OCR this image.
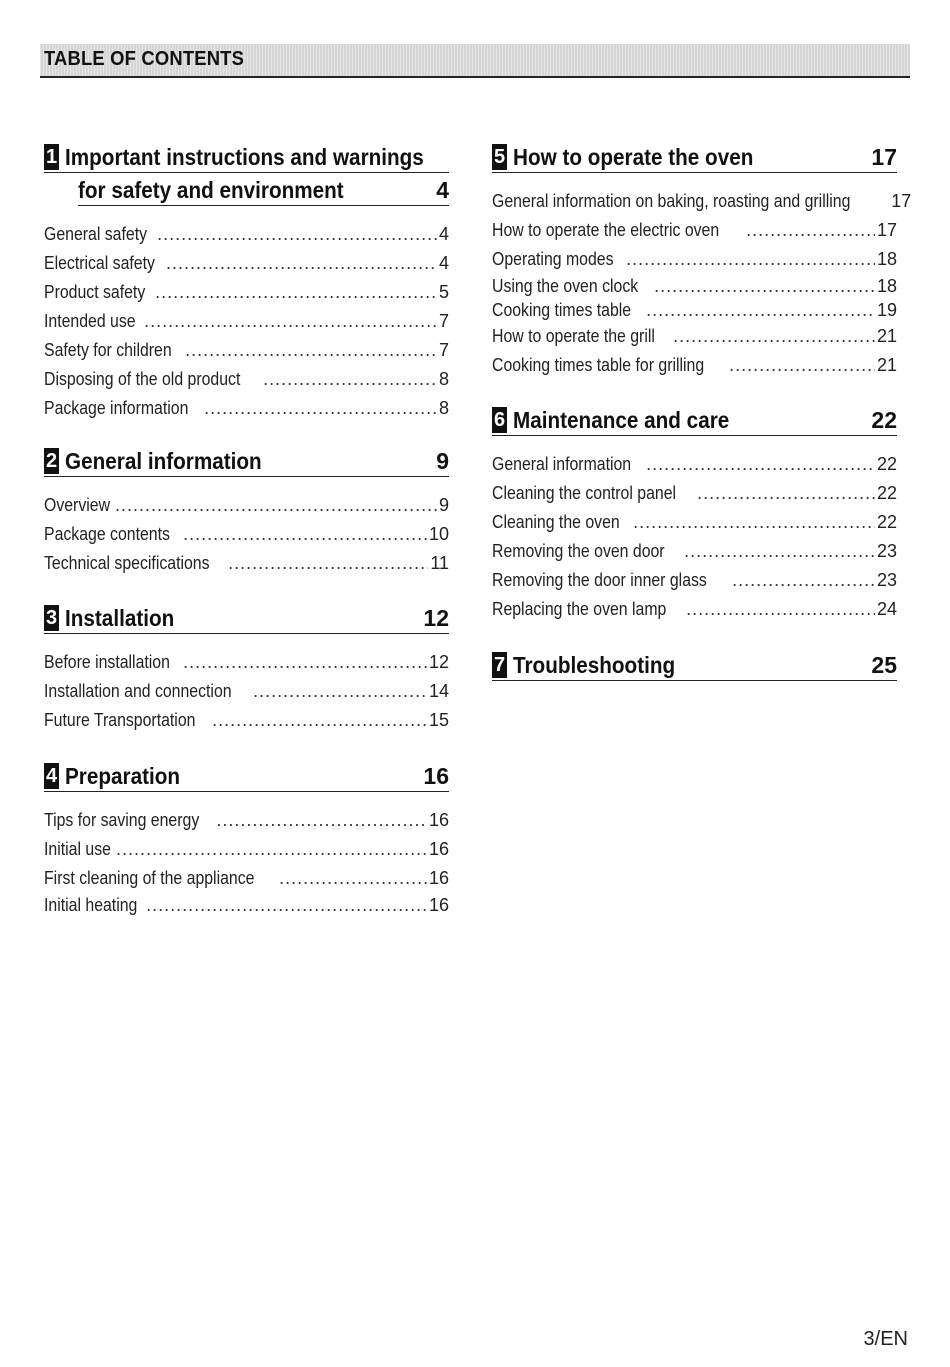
TABLE OF CONTENTS
1 Important instructions and warnings
for safety and environment	4
General safety .....	4
Electrical safety .....	4
Product safety .....	5
Intended use .....	7
Safety for children .....	7
Disposing of the old product .....	8
Package information .....	8
2 General information	9
Overview .....	9
Package contents .....	10
Technical specifications .....	11
3 Installation	12
Before installation .....	12
Installation and connection .....	14
Future Transportation .....	15
4 Preparation	16
Tips for saving energy .....	16
Initial use .....	16
First cleaning of the appliance .....	16
Initial heating .....	16
5 How to operate the oven	17
General information on baking, roasting and grilling 17
How to operate the electric oven .....	17
Operating modes .....	18
Using the oven clock .....	18
Cooking times table .....	19
How to operate the grill .....	21
Cooking times table for grilling .....	21
6 Maintenance and care	22
General information .....	22
Cleaning the control panel .....	22
Cleaning the oven .....	22
Removing the oven door .....	23
Removing the door inner glass .....	23
Replacing the oven lamp .....	24
7 Troubleshooting	25
3/EN
